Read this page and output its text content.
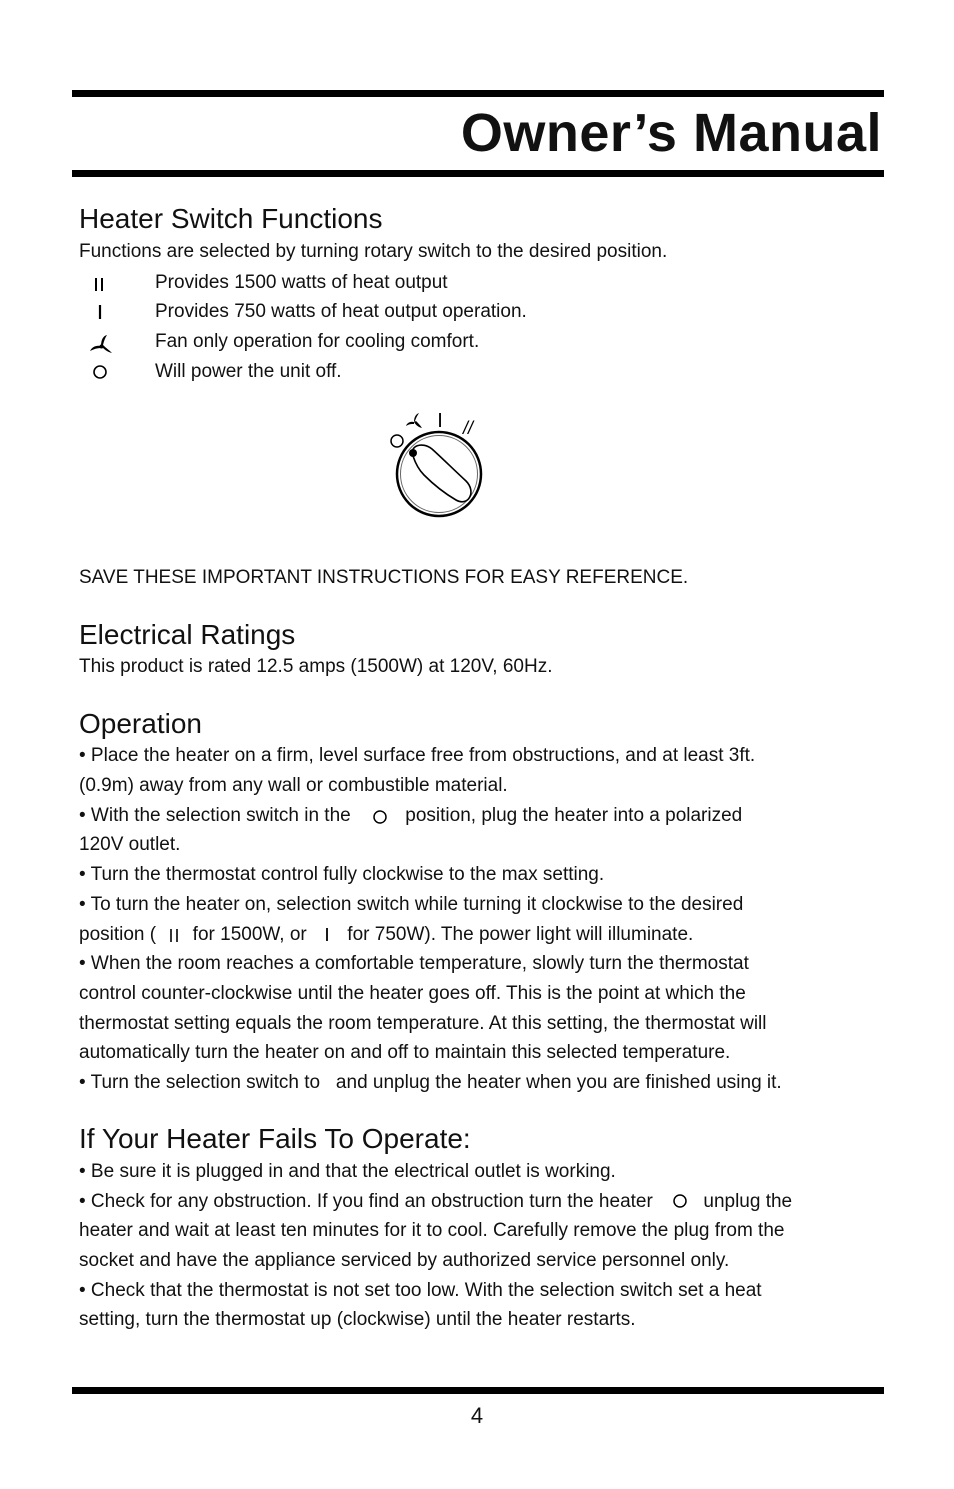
Owner’s Manual
Heater Switch Functions
Functions are selected by turning rotary switch to the desired position.
Provides 1500 watts of heat output
Provides 750 watts of heat output operation.
Fan only operation for cooling comfort.
Will power the unit off.
I //
SAVE THESE IMPORTANT INSTRUCTIONS FOR EASY REFERENCE.
Electrical Ratings
This product is rated 12.5 amps (1500W) at 120V, 60Hz.
Operation
• Place the heater on a firm, level surface free from obstructions, and at least 3ft.
(0.9m) away from any wall or combustible material.
• With the selection switch in the	position, plug the heater into a polarized
120V outlet.
• Turn the thermostat control fully clockwise to the max setting.
• To turn the heater on, selection switch while turning it clockwise to the desired
position ( for 1500W, or for 750W). The power light will illuminate.
• When the room reaches a comfortable temperature, slowly turn the thermostat
control counter-clockwise until the heater goes off. This is the point at which the
thermostat setting equals the room temperature. At this setting, the thermostat will
automatically turn the heater on and off to maintain this selected temperature.
• Turn the selection switch to   and unplug the heater when you are finished using it.
If Your Heater Fails To Operate:
• Be sure it is plugged in and that the electrical outlet is working.
• Check for any obstruction. If you find an obstruction turn the heater	unplug the
heater and wait at least ten minutes for it to cool. Carefully remove the plug from the
socket and have the appliance serviced by authorized service personnel only.
• Check that the thermostat is not set too low. With the selection switch set a heat
setting, turn the thermostat up (clockwise) until the heater restarts.
4
